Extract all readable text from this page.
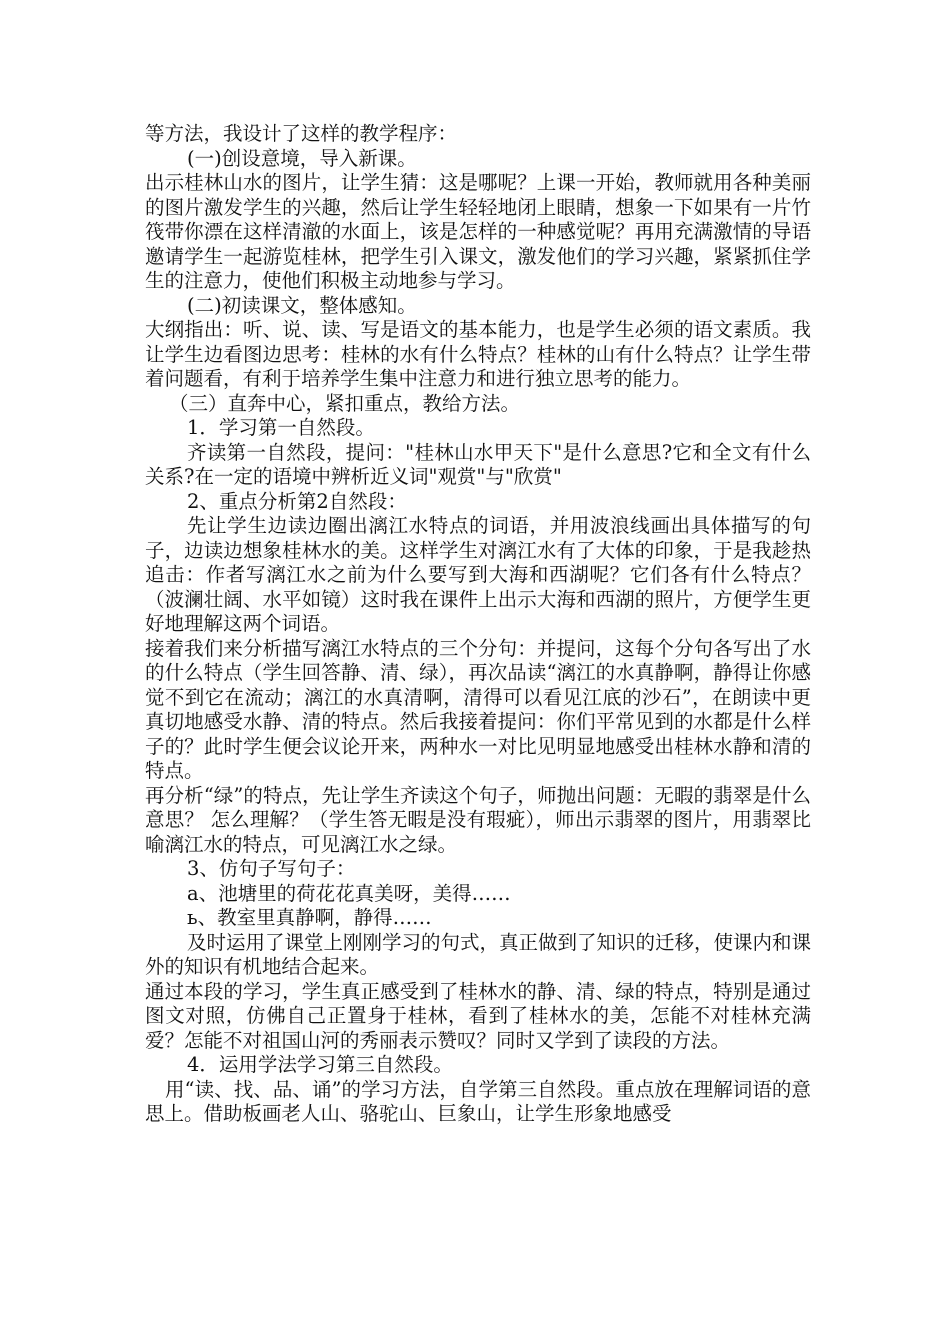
等方法，我设计了这样的教学程序：

(一)创设意境，导入新课。

出示桂林山水的图片，让学生猜：这是哪呢？上课一开始，教师就用各种美丽的图片激发学生的兴趣，然后让学生轻轻地闭上眼睛，想象一下如果有一片竹筏带你漂在这样清澈的水面上，该是怎样的一种感觉呢？再用充满激情的导语邀请学生一起游览桂林，把学生引入课文，激发他们的学习兴趣，紧紧抓住学生的注意力，使他们积极主动地参与学习。

(二)初读课文，整体感知。

大纲指出：听、说、读、写是语文的基本能力，也是学生必须的语文素质。我让学生边看图边思考：桂林的水有什么特点？桂林的山有什么特点？让学生带着问题看，有利于培养学生集中注意力和进行独立思考的能力。

（三）直奔中心，紧扣重点，教给方法。

1．学习第一自然段。

齐读第一自然段，提问："桂林山水甲天下"是什么意思?它和全文有什么关系?在一定的语境中辨析近义词"观赏"与"欣赏"

2、重点分析第2自然段：

先让学生边读边圈出漓江水特点的词语，并用波浪线画出具体描写的句子，边读边想象桂林水的美。这样学生对漓江水有了大体的印象，于是我趁热追击：作者写漓江水之前为什么要写到大海和西湖呢？它们各有什么特点？（波澜壮阔、水平如镜）这时我在课件上出示大海和西湖的照片，方便学生更好地理解这两个词语。

接着我们来分析描写漓江水特点的三个分句：并提问，这每个分句各写出了水的什么特点（学生回答静、清、绿），再次品读“漓江的水真静啊，静得让你感觉不到它在流动；漓江的水真清啊，清得可以看见江底的沙石”，在朗读中更真切地感受水静、清的特点。然后我接着提问：你们平常见到的水都是什么样子的？此时学生便会议论开来，两种水一对比见明显地感受出桂林水静和清的特点。

再分析“绿”的特点，先让学生齐读这个句子，师抛出问题：无暇的翡翠是什么意思？ 怎么理解？（学生答无暇是没有瑕疵），师出示翡翠的图片，用翡翠比喻漓江水的特点，可见漓江水之绿。

3、仿句子写句子：

a、池塘里的荷花花真美呀，美得……

ь、教室里真静啊，静得……

及时运用了课堂上刚刚学习的句式，真正做到了知识的迁移，使课内和课外的知识有机地结合起来。

通过本段的学习，学生真正感受到了桂林水的静、清、绿的特点，特别是通过图文对照，仿佛自己正置身于桂林，看到了桂林水的美，怎能不对桂林充满爱？怎能不对祖国山河的秀丽表示赞叹？同时又学到了读段的方法。

4．运用学法学习第三自然段。

用“读、找、品、诵”的学习方法，自学第三自然段。重点放在理解词语的意思上。借助板画老人山、骆驼山、巨象山，让学生形象地感受
